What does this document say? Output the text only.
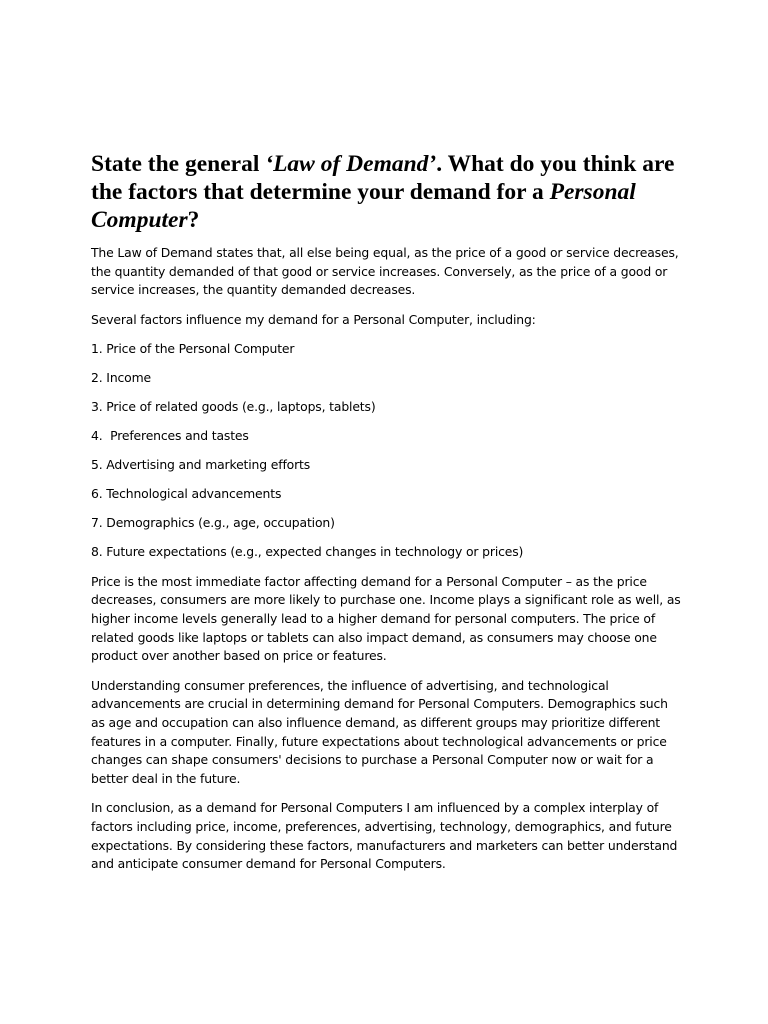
State the general ‘Law of Demand’. What do you think are the factors that determine your demand for a Personal Computer?

The Law of Demand states that, all else being equal, as the price of a good or service decreases, the quantity demanded of that good or service increases. Conversely, as the price of a good or service increases, the quantity demanded decreases.

Several factors influence my demand for a Personal Computer, including:

1. Price of the Personal Computer
2. Income
3. Price of related goods (e.g., laptops, tablets)
4.  Preferences and tastes
5. Advertising and marketing efforts
6. Technological advancements
7. Demographics (e.g., age, occupation)
8. Future expectations (e.g., expected changes in technology or prices)

Price is the most immediate factor affecting demand for a Personal Computer – as the price decreases, consumers are more likely to purchase one. Income plays a significant role as well, as higher income levels generally lead to a higher demand for personal computers. The price of related goods like laptops or tablets can also impact demand, as consumers may choose one product over another based on price or features.

Understanding consumer preferences, the influence of advertising, and technological advancements are crucial in determining demand for Personal Computers. Demographics such as age and occupation can also influence demand, as different groups may prioritize different features in a computer. Finally, future expectations about technological advancements or price changes can shape consumers' decisions to purchase a Personal Computer now or wait for a better deal in the future.

In conclusion, as a demand for Personal Computers I am influenced by a complex interplay of factors including price, income, preferences, advertising, technology, demographics, and future expectations. By considering these factors, manufacturers and marketers can better understand and anticipate consumer demand for Personal Computers.
